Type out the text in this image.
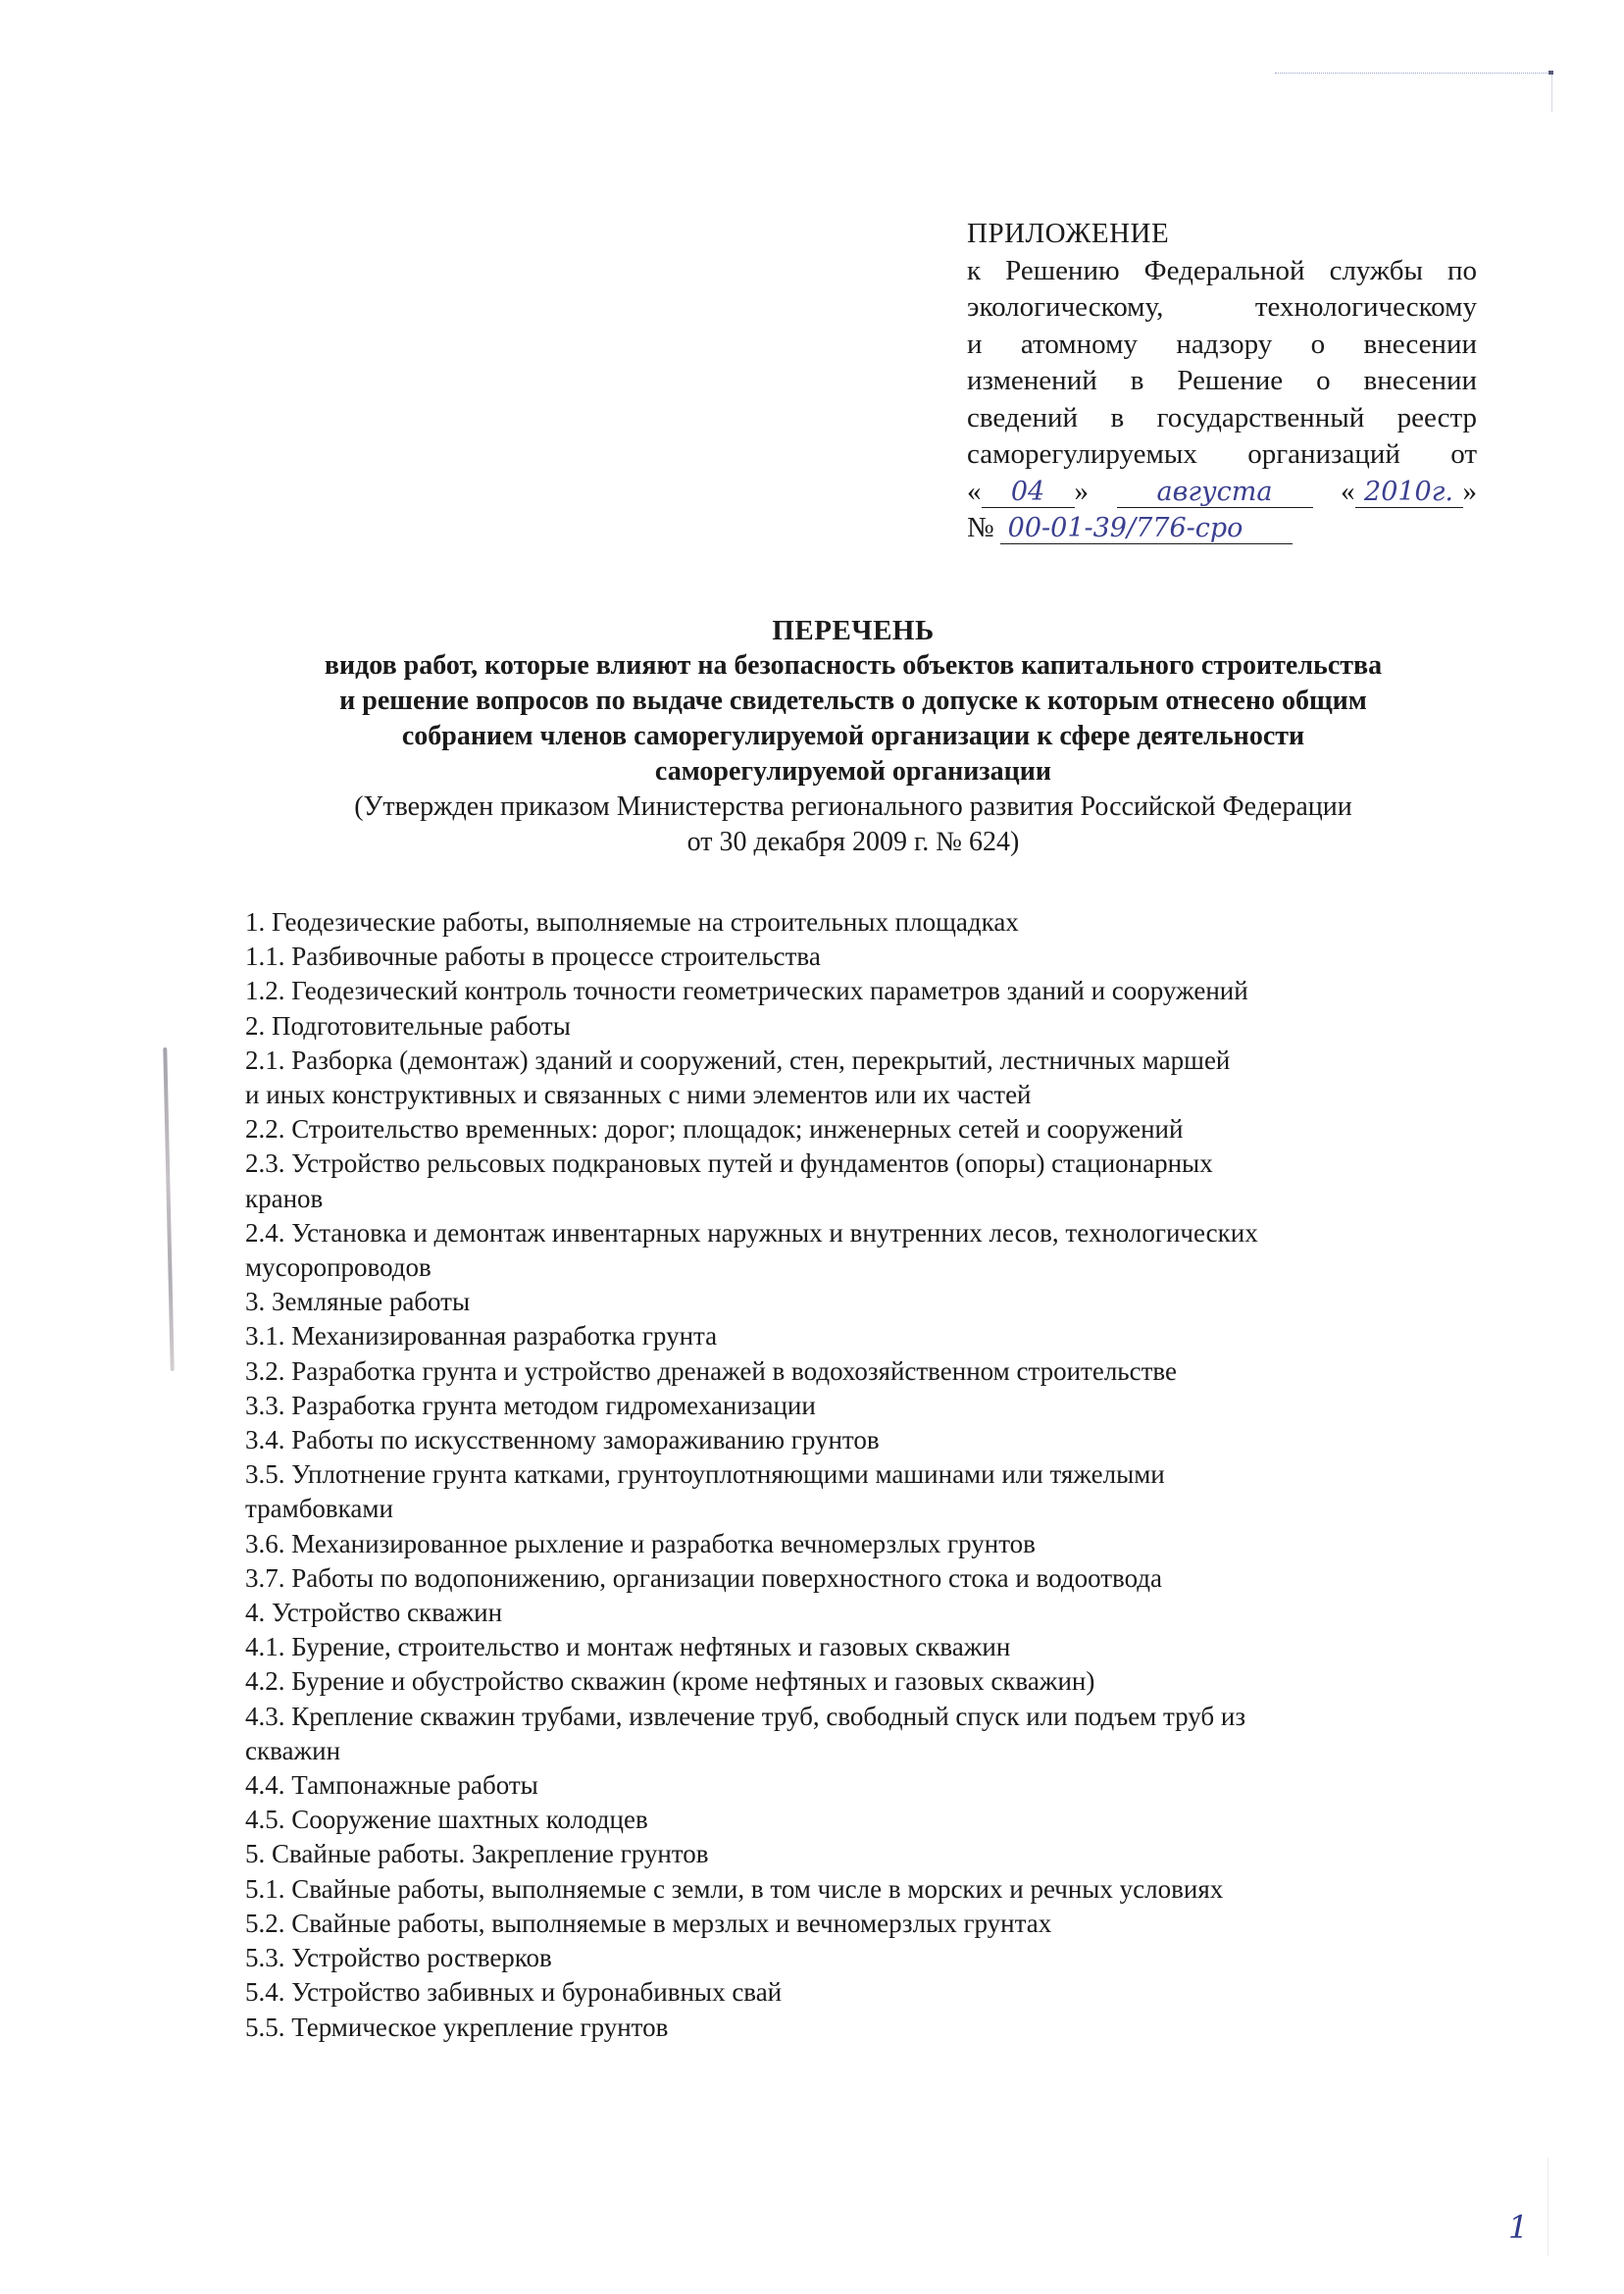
ПРИЛОЖЕНИЕ
к Решению Федеральной службы по
экологическому, технологическому
и атомному надзору о внесении
изменений в Решение о внесении
сведений в государственный реестр
саморегулируемых организаций от
« 04 »	августа	« 2010г. »
№ 00-01-39/776-сро
ПЕРЕЧЕНЬ
видов работ, которые влияют на безопасность объектов капитального строительства
и решение вопросов по выдаче свидетельств о допуске к которым отнесено общим
собранием членов саморегулируемой организации к сфере деятельности
саморегулируемой организации
(Утвержден приказом Министерства регионального развития Российской Федерации
от 30 декабря 2009 г. № 624)
1. Геодезические работы, выполняемые на строительных площадках
1.1. Разбивочные работы в процессе строительства
1.2. Геодезический контроль точности геометрических параметров зданий и сооружений
2. Подготовительные работы
2.1. Разборка (демонтаж) зданий и сооружений, стен, перекрытий, лестничных маршей
и иных конструктивных и связанных с ними элементов или их частей
2.2. Строительство временных: дорог; площадок; инженерных сетей и сооружений
2.3. Устройство рельсовых подкрановых путей и фундаментов (опоры) стационарных
кранов
2.4. Установка и демонтаж инвентарных наружных и внутренних лесов, технологических
мусоропроводов
3. Земляные работы
3.1. Механизированная разработка грунта
3.2. Разработка грунта и устройство дренажей в водохозяйственном строительстве
3.3. Разработка грунта методом гидромеханизации
3.4. Работы по искусственному замораживанию грунтов
3.5. Уплотнение грунта катками, грунтоуплотняющими машинами или тяжелыми
трамбовками
3.6. Механизированное рыхление и разработка вечномерзлых грунтов
3.7. Работы по водопонижению, организации поверхностного стока и водоотвода
4. Устройство скважин
4.1. Бурение, строительство и монтаж нефтяных и газовых скважин
4.2. Бурение и обустройство скважин (кроме нефтяных и газовых скважин)
4.3. Крепление скважин трубами, извлечение труб, свободный спуск или подъем труб из
скважин
4.4. Тампонажные работы
4.5. Сооружение шахтных колодцев
5. Свайные работы. Закрепление грунтов
5.1. Свайные работы, выполняемые с земли, в том числе в морских и речных условиях
5.2. Свайные работы, выполняемые в мерзлых и вечномерзлых грунтах
5.3. Устройство ростверков
5.4. Устройство забивных и буронабивных свай
5.5. Термическое укрепление грунтов
1
